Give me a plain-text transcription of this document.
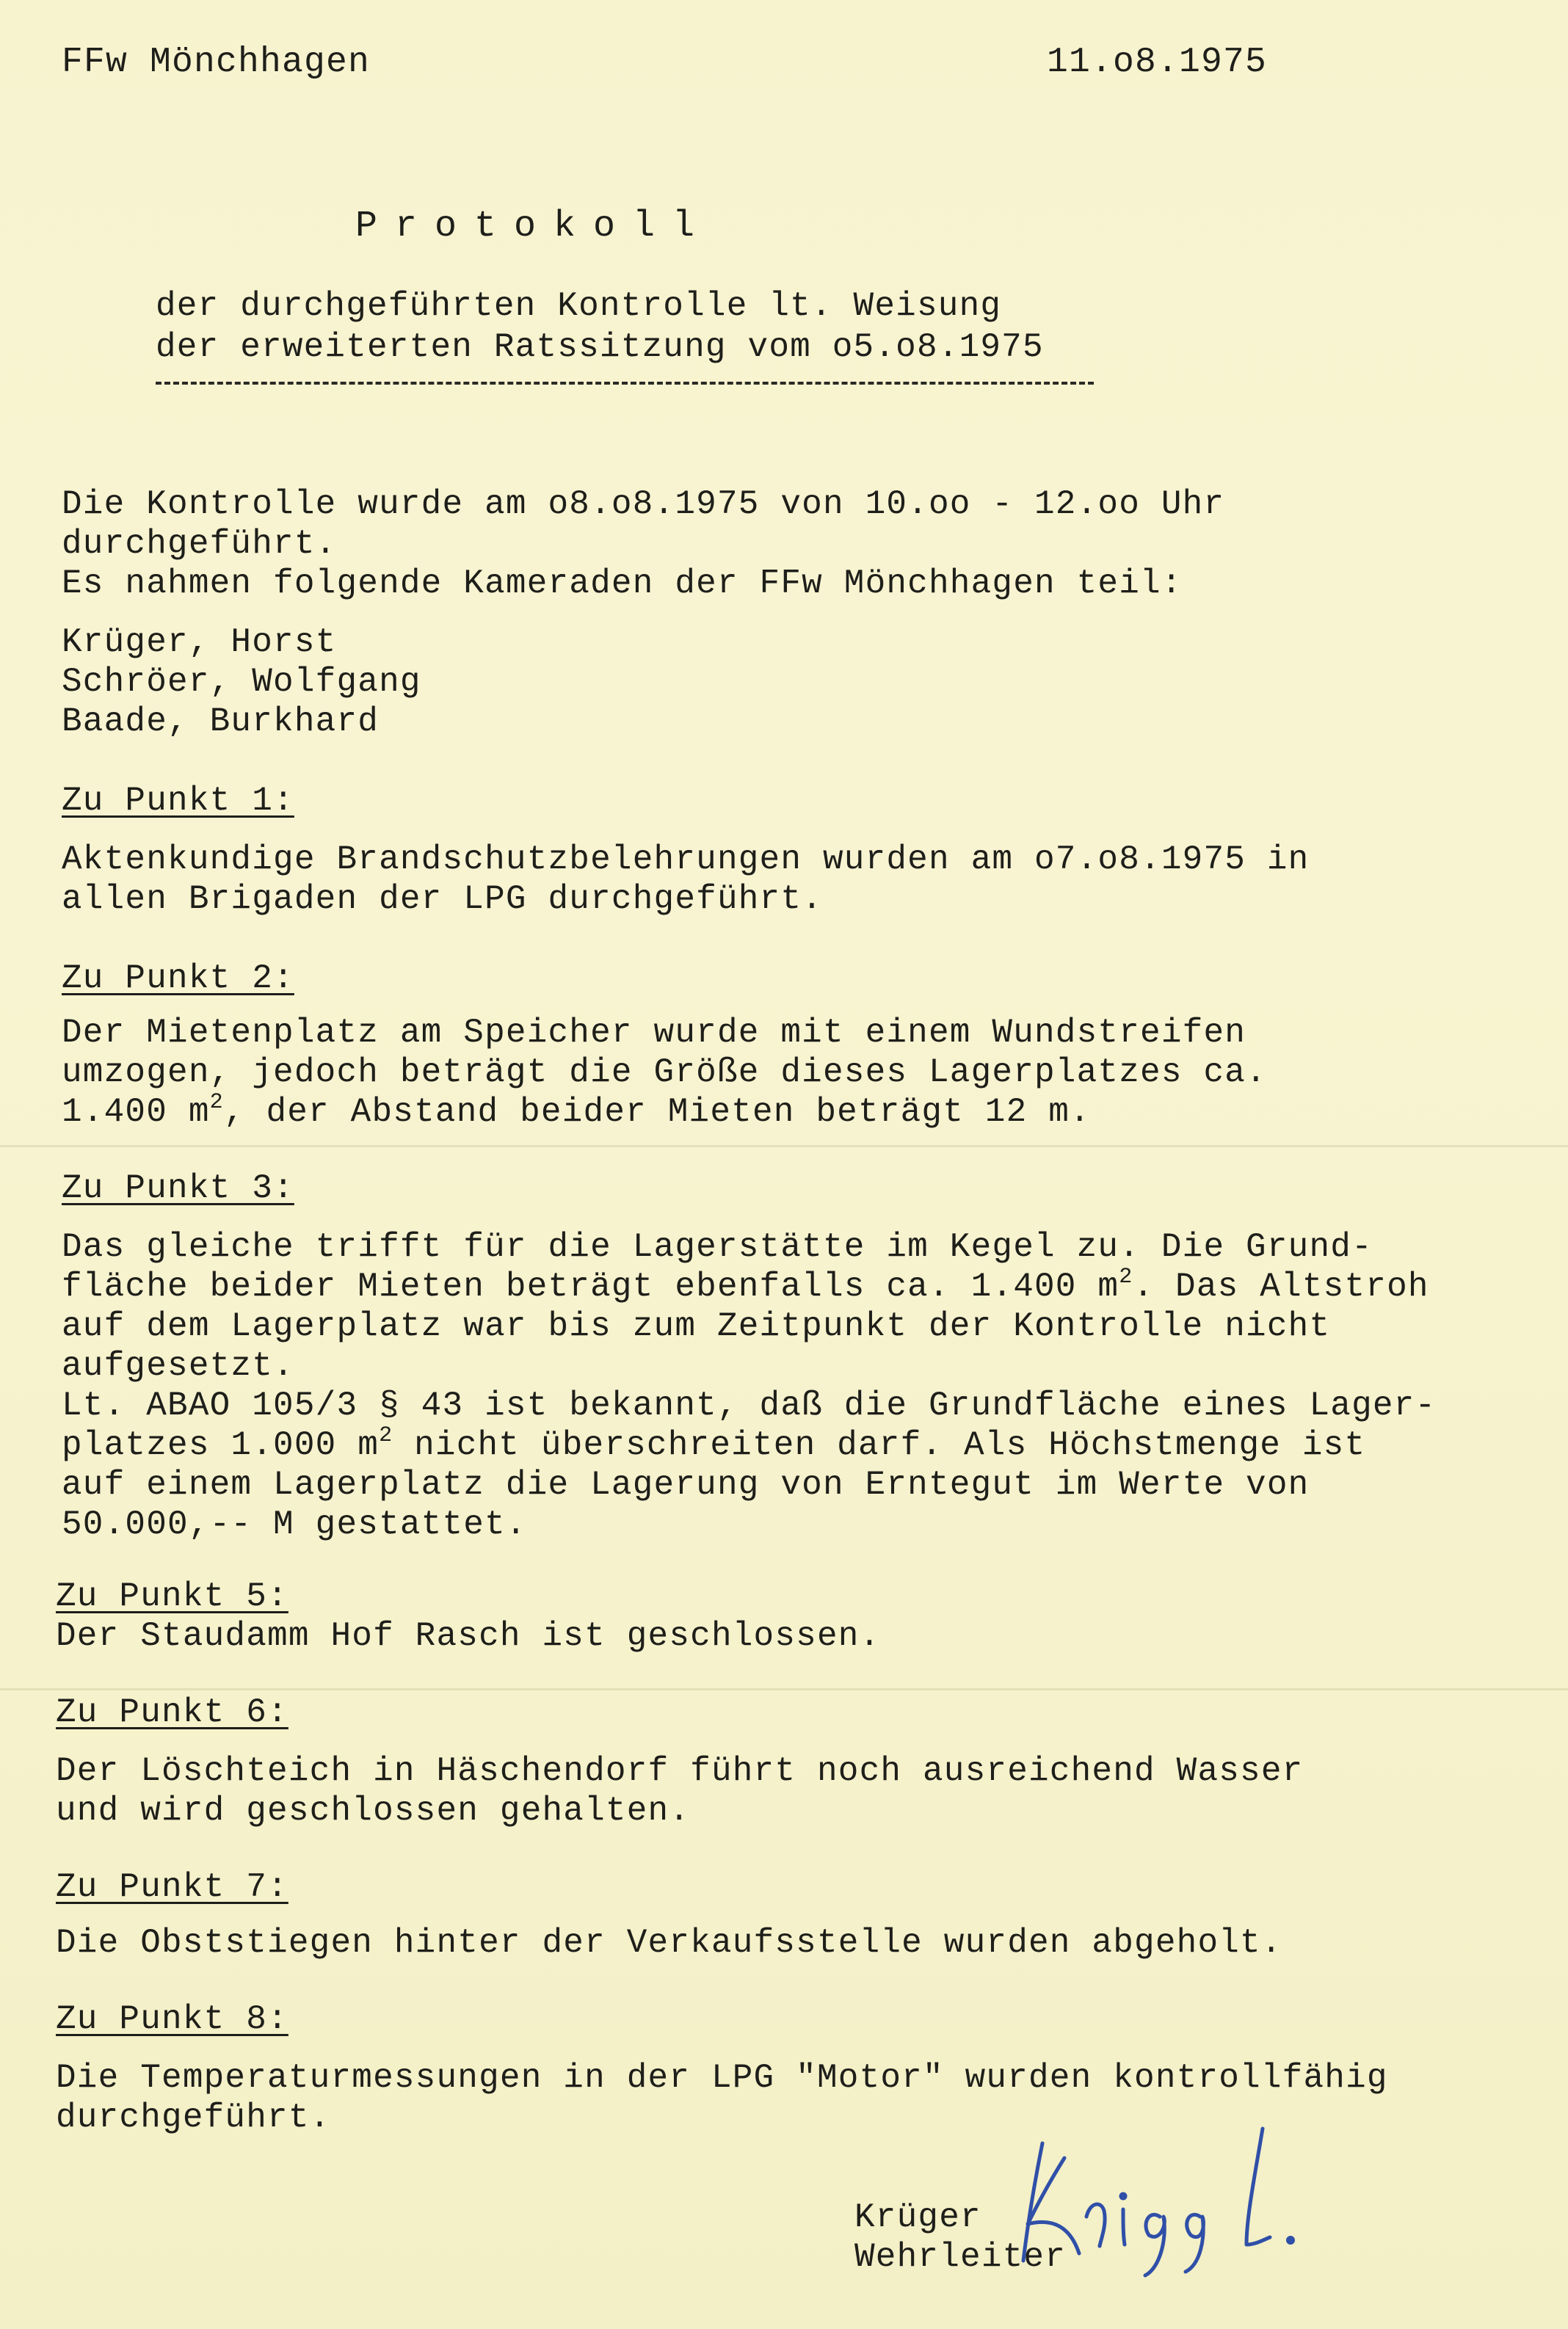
FFw Mönchhagen	11.o8.1975
Protokoll
der durchgeführten Kontrolle lt. Weisung
der erweiterten Ratssitzung vom o5.o8.1975
Die Kontrolle wurde am o8.o8.1975 von 10.oo - 12.oo Uhr
durchgeführt.
Es nahmen folgende Kameraden der FFw Mönchhagen teil:
Krüger, Horst
Schröer, Wolfgang
Baade, Burkhard
Zu Punkt 1:
Aktenkundige Brandschutzbelehrungen wurden am o7.o8.1975 in
allen Brigaden der LPG durchgeführt.
Zu Punkt 2:
Der Mietenplatz am Speicher wurde mit einem Wundstreifen
umzogen, jedoch beträgt die Größe dieses Lagerplatzes ca.
1.400 $m^2$, der Abstand beider Mieten beträgt 12 m.
Zu Punkt 3:
Das gleiche trifft für die Lagerstätte im Kegel zu. Die Grund-
fläche beider Mieten beträgt ebenfalls ca. 1.400 $m^2$. Das Altstroh
auf dem Lagerplatz war bis zum Zeitpunkt der Kontrolle nicht
aufgesetzt.
Lt. ABAO 105/3 § 43 ist bekannt, daß die Grundfläche eines Lager-
platzes 1.000 $m^2$ nicht überschreiten darf. Als Höchstmenge ist
auf einem Lagerplatz die Lagerung von Erntegut im Werte von
50.000,-- M gestattet.
Zu Punkt 5:
Der Staudamm Hof Rasch ist geschlossen.
Zu Punkt 6:
Der Löschteich in Häschendorf führt noch ausreichend Wasser
und wird geschlossen gehalten.
Zu Punkt 7:
Die Obststiegen hinter der Verkaufsstelle wurden abgeholt.
Zu Punkt 8:
Die Temperaturmessungen in der LPG "Motor" wurden kontrollfähig
durchgeführt.
Krüger
Wehrleiter
